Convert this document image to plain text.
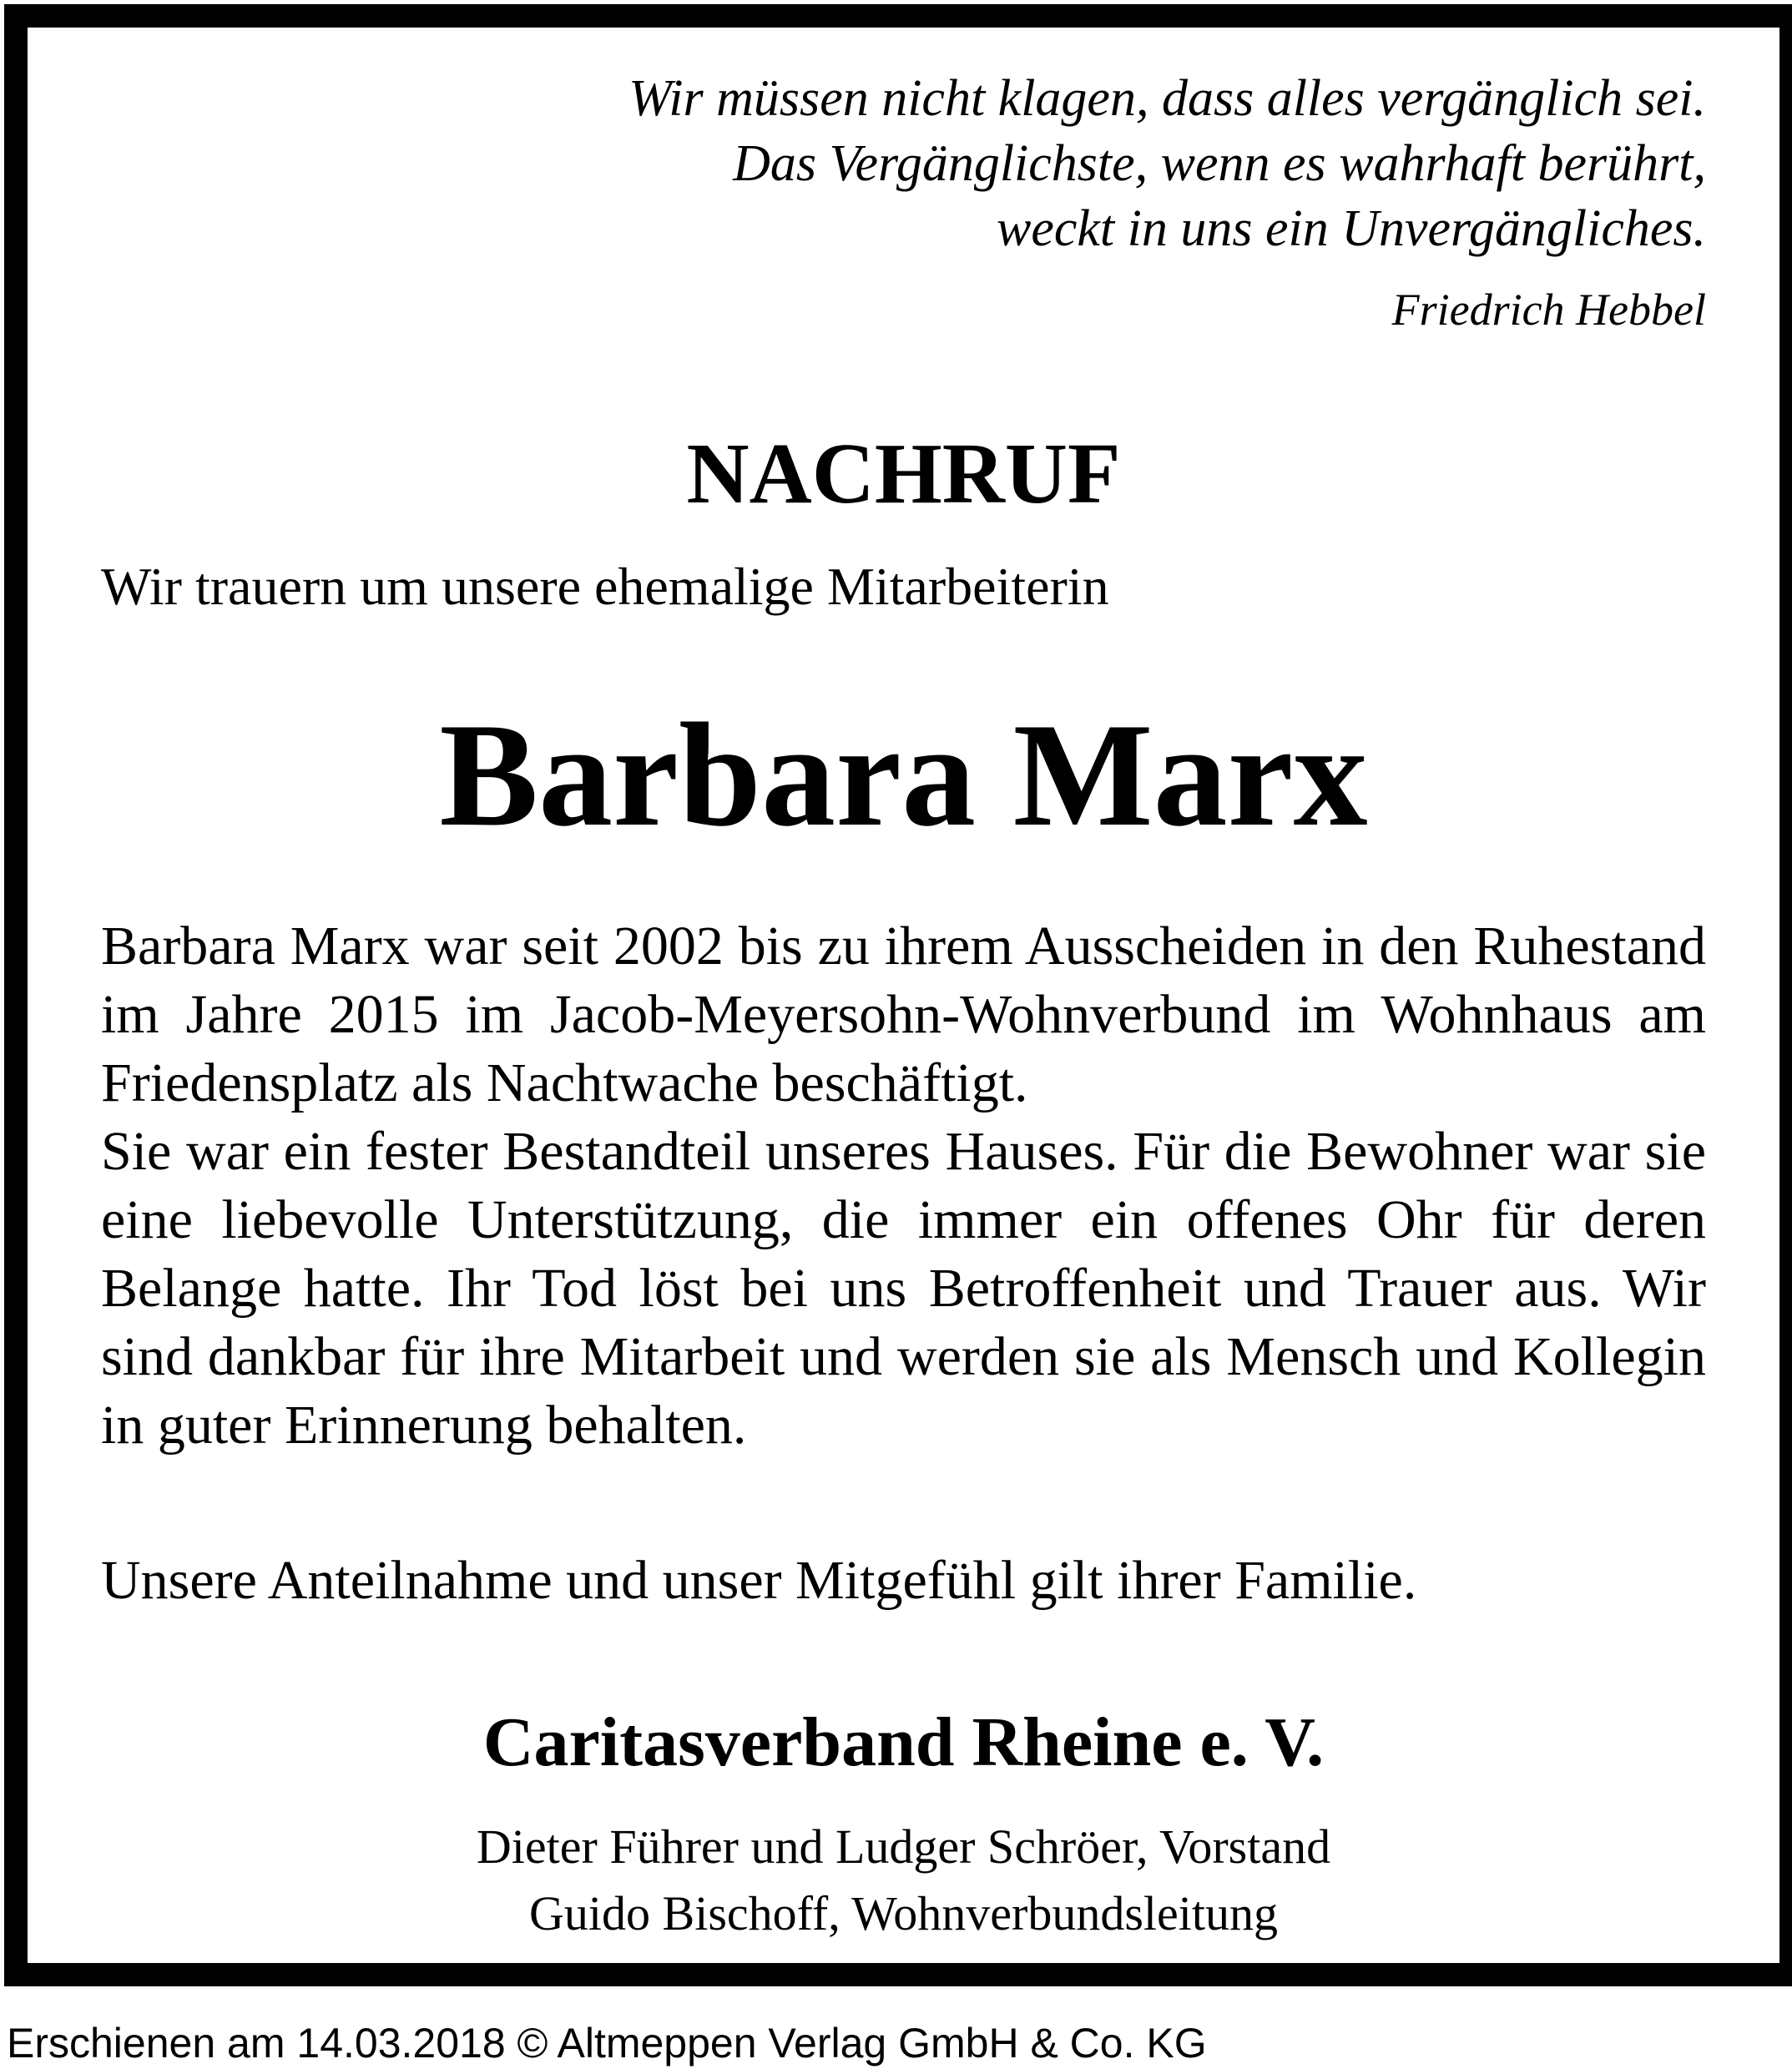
Wir müssen nicht klagen, dass alles vergänglich sei.
Das Vergänglichste, wenn es wahrhaft berührt,
weckt in uns ein Unvergängliches.
Friedrich Hebbel
NACHRUF
Wir trauern um unsere ehemalige Mitarbeiterin
Barbara Marx

Barbara Marx war seit 2002 bis zu ihrem Ausscheiden in den Ruhestand im Jahre 2015 im Jacob-Meyersohn-Wohnverbund im Wohnhaus am Friedensplatz als Nachtwache beschäftigt.

Sie war ein fester Bestandteil unseres Hauses. Für die Bewohner war sie eine liebevolle Unterstützung, die immer ein offenes Ohr für deren Belange hatte. Ihr Tod löst bei uns Betroffenheit und Trauer aus. Wir sind dankbar für ihre Mitarbeit und werden sie als Mensch und Kollegin in guter Erinnerung behalten.

Unsere Anteilnahme und unser Mitgefühl gilt ihrer Familie.
Caritasverband Rheine e. V.
Dieter Führer und Ludger Schröer, Vorstand
Guido Bischoff, Wohnverbundsleitung
Erschienen am 14.03.2018 © Altmeppen Verlag GmbH & Co. KG
